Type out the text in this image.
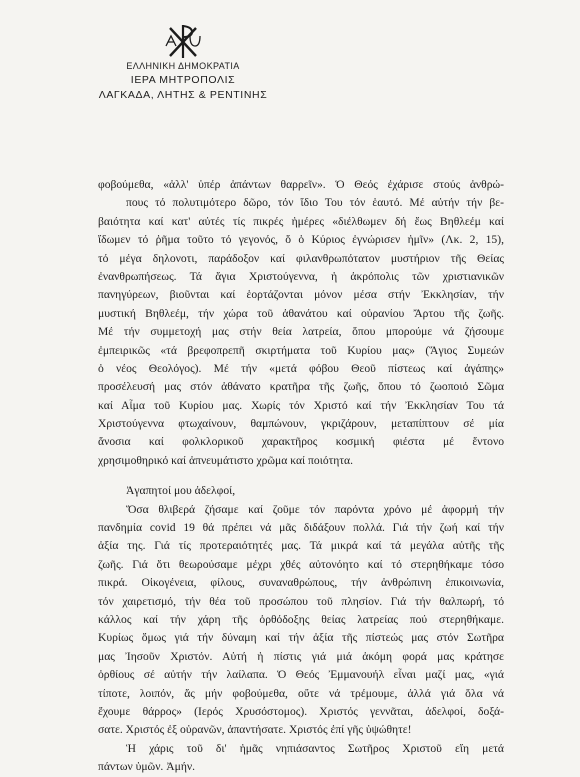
ΕΛΛΗΝΙΚΗ ΔΗΜΟΚΡΑΤΙΑ
ΙΕΡΑ ΜΗΤΡΟΠΟΛΙΣ
ΛΑΓΚΑΔΑ, ΛΗΤΗΣ & ΡΕΝΤΙΝΗΣ
φοβούμεθα, «ἀλλ' ὑπέρ ἁπάντων θαρρεῖν». Ὁ Θεός ἐχάρισε στούς ἀνθρώ-
πους τό πολυτιμότερο δῶρο, τόν ἴδιο Του τόν ἑαυτό. Μέ αὐτήν τήν βε-
βαιότητα καί κατ' αὐτές τίς πικρές ἡμέρες «διέλθωμεν δή ἕως Βηθλεέμ καί
ἴδωμεν τό ῥῆμα τοῦτο τό γεγονός, ὅ ὁ Κύριος ἐγνώρισεν ἡμῖν» (Λκ. 2, 15),
τό μέγα δηλονοτι, παράδοξον καί φιλανθρωπότατον μυστήριον τῆς Θείας
ἐνανθρωπήσεως. Τά ἅγια Χριστούγεννα, ἡ ἀκρόπολις τῶν χριστιανικῶν
πανηγύρεων, βιοῦνται καί ἑορτάζονται μόνον μέσα στήν Ἐκκλησίαν, τήν
μυστική Βηθλεέμ, τήν χώρα τοῦ ἀθανάτου καί οὐρανίου Ἄρτου τῆς ζωῆς.
Μέ τήν συμμετοχή μας στήν θεία λατρεία, ὅπου μπορούμε νά ζήσουμε
ἐμπειρικῶς «τά βρεφοπρεπῆ σκιρτήματα τοῦ Κυρίου μας» (Ἅγιος Συμεών
ὁ νέος Θεολόγος). Μέ τήν «μετά φόβου Θεοῦ πίστεως καί ἀγάπης»
προσέλευσή μας στόν ἀθάνατο κρατῆρα τῆς ζωῆς, ὅπου τό ζωοποιό Σῶμα
καί Αἷμα τοῦ Κυρίου μας. Χωρίς τόν Χριστό καί τήν Ἐκκλησίαν Του τά
Χριστούγεννα φτωχαίνουν, θαμπώνουν, γκριζάρουν, μεταπίπτουν σέ μία
ἄνοσια καί φολκλορικοῦ χαρακτῆρος κοσμική φιέστα μέ ἔντονο
χρησιμοθηρικό καί ἀπνευμάτιστο χρῶμα καί ποιότητα.
Ἀγαπητοί μου ἀδελφοί,
Ὅσα θλιβερά ζήσαμε καί ζοῦμε τόν παρόντα χρόνο μέ ἀφορμή τήν
πανδημία covid 19 θά πρέπει νά μᾶς διδάξουν πολλά. Γιά τήν ζωή καί τήν
ἀξία της. Γιά τίς προτεραιότητές μας. Τά μικρά καί τά μεγάλα αὐτῆς τῆς
ζωῆς. Γιά ὅτι θεωρούσαμε μέχρι χθές αὐτονόητο καί τό στερηθήκαμε τόσο
πικρά. Οἰκογένεια, φίλους, συναναθρώπους, τήν ἀνθρώπινη ἐπικοινωνία,
τόν χαιρετισμό, τήν θέα τοῦ προσώπου τοῦ πλησίον. Γιά τήν θαλπωρή, τό
κάλλος καί τήν χάρη τῆς ὀρθόδοξης θείας λατρείας πού στερηθήκαμε.
Κυρίως ὅμως γιά τήν δύναμη καί τήν ἀξία τῆς πίστεώς μας στόν Σωτῆρα
μας Ἰησοῦν Χριστόν. Αὐτή ἡ πίστις γιά μιά ἀκόμη φορά μας κράτησε
ὀρθίους σέ αὐτήν τήν λαίλαπα. Ὁ Θεός Ἐμμανουήλ εἶναι μαζί μας, «γιά
τίποτε, λοιπόν, ἄς μήν φοβούμεθα, οὔτε νά τρέμουμε, ἀλλά γιά ὅλα νά
ἔχουμε θάρρος» (Ιερός Χρυσόστομος). Χριστός γεννᾶται, ἀδελφοί, δοξά-
σατε. Χριστός ἐξ οὐρανῶν, ἀπαντήσατε. Χριστός ἐπί γῆς ὑψώθητε!
Ἡ χάρις τοῦ δι' ἡμᾶς νηπιάσαντος Σωτῆρος Χριστοῦ εἴη μετά
πάντων ὑμῶν. Ἀμήν.
